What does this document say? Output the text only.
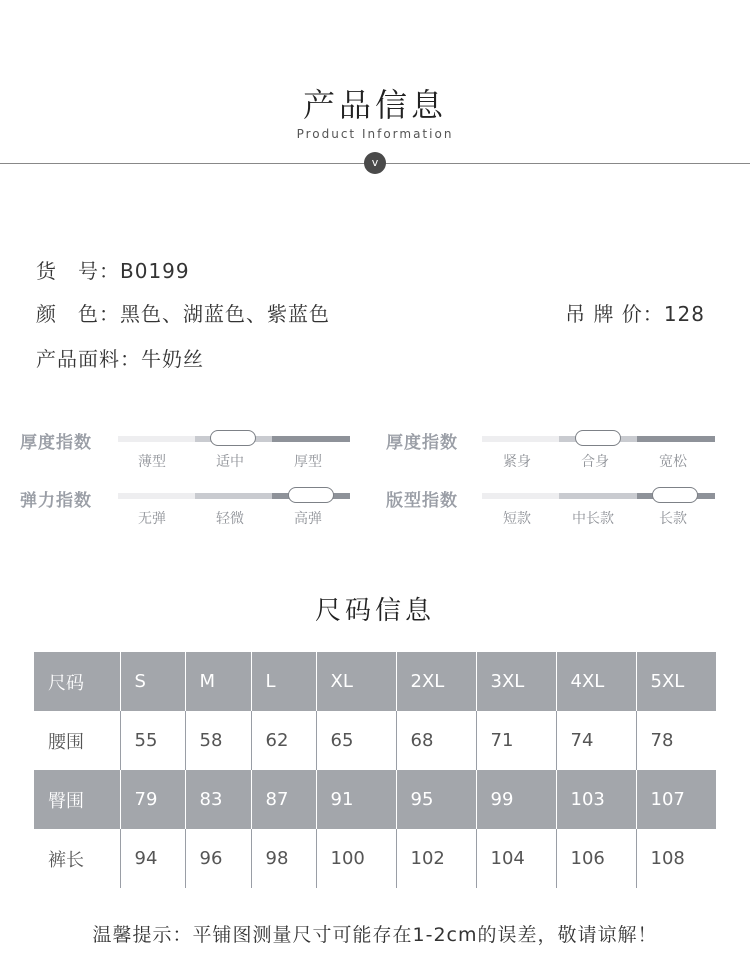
产品信息
Product Information
v
货　号：B0199
颜　色：黑色、湖蓝色、紫蓝色	吊 牌 价：128
产品面料：牛奶丝
厚度指数
薄型	适中	厚型
厚度指数
紧身	合身	宽松
弹力指数
无弹	轻微	高弹
版型指数
短款	中长款	长款
尺码信息
尺码	S	M	L	XL	2XL	3XL	4XL	5XL
腰围	55	58	62	65	68	71	74	78
臀围	79	83	87	91	95	99	103	107
裤长	94	96	98	100	102	104	106	108
温馨提示：平铺图测量尺寸可能存在1-2cm的误差，敬请谅解！
